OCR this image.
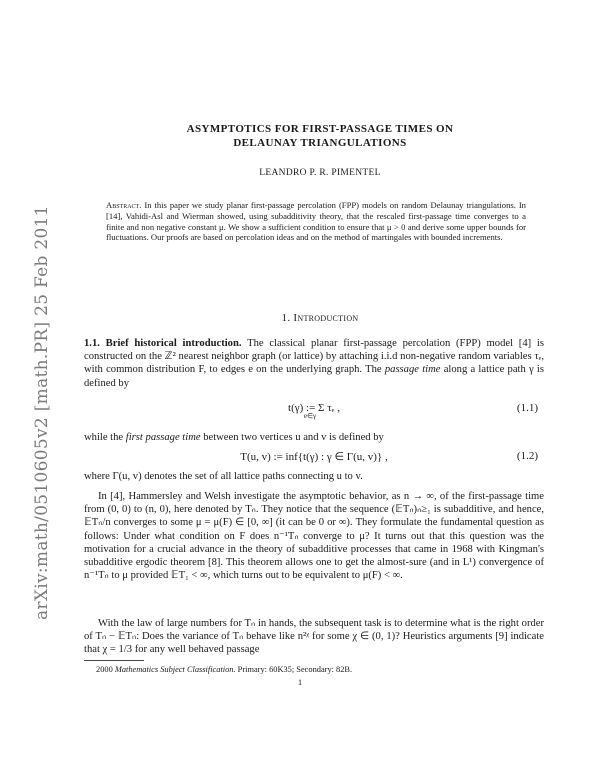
arXiv:math/0510605v2 [math.PR] 25 Feb 2011
ASYMPTOTICS FOR FIRST-PASSAGE TIMES ON
DELAUNAY TRIANGULATIONS
LEANDRO P. R. PIMENTEL
Abstract. In this paper we study planar first-passage percolation (FPP) models on random Delaunay triangulations. In [14], Vahidi-Asl and Wierman showed, using subadditivity theory, that the rescaled first-passage time converges to a finite and non negative constant μ. We show a sufficient condition to ensure that μ > 0 and derive some upper bounds for fluctuations. Our proofs are based on percolation ideas and on the method of martingales with bounded increments.
1. Introduction
1.1. Brief historical introduction. The classical planar first-passage percolation (FPP) model [4] is constructed on the ℤ² nearest neighbor graph (or lattice) by attaching i.i.d non-negative random variables τₑ, with common distribution F, to edges e on the underlying graph. The passage time along a lattice path γ is defined by
t(γ) := Σ τₑ ,
e∈γ
(1.1)
while the first passage time between two vertices u and v is defined by
T(u, v) := inf{t(γ) : γ ∈ Γ(u, v)} ,	(1.2)
where Γ(u, v) denotes the set of all lattice paths connecting u to v.
In [4], Hammersley and Welsh investigate the asymptotic behavior, as n → ∞, of the first-passage time from (0, 0) to (n, 0), here denoted by Tₙ. They notice that the sequence (𝔼Tₙ)ₙ≥₁ is subadditive, and hence, 𝔼Tₙ/n converges to some μ = μ(F) ∈ [0, ∞] (it can be 0 or ∞). They formulate the fundamental question as follows: Under what condition on F does n⁻¹Tₙ converge to μ? It turns out that this question was the motivation for a crucial advance in the theory of subadditive processes that came in 1968 with Kingman's subadditive ergodic theorem [8]. This theorem allows one to get the almost-sure (and in L¹) convergence of n⁻¹Tₙ to μ provided 𝔼T₁ < ∞, which turns out to be equivalent to μ(F) < ∞.
With the law of large numbers for Tₙ in hands, the subsequent task is to determine what is the right order of Tₙ − 𝔼Tₙ: Does the variance of Tₙ behave like n²ᵡ for some χ ∈ (0, 1)? Heuristics arguments [9] indicate that χ = 1/3 for any well behaved passage
2000 Mathematics Subject Classification. Primary: 60K35; Secondary: 82B.
1
